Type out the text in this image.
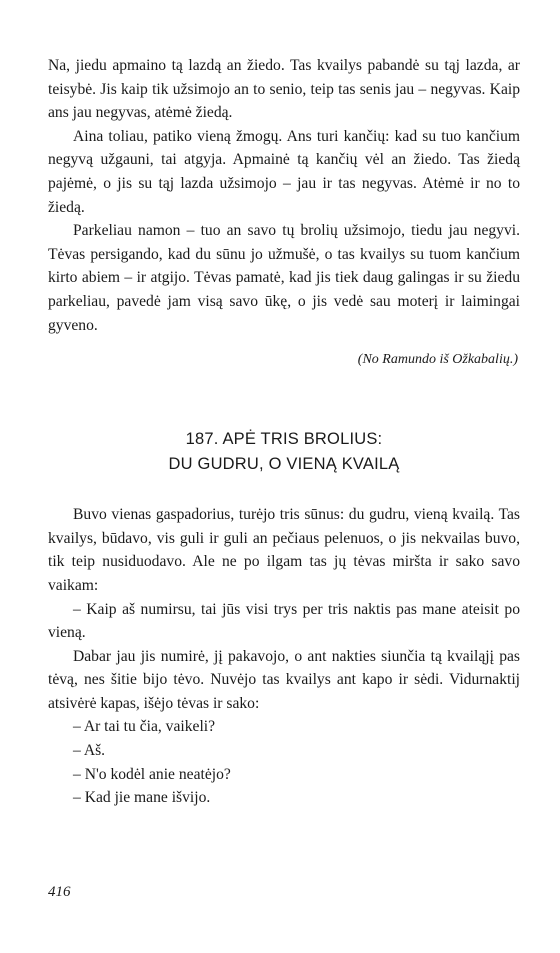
Na, jiedu apmaino tą lazdą an žiedo. Tas kvailys pabandė su tąj lazda, ar teisybė. Jis kaip tik užsimojo an to senio, teip tas senis jau – negyvas. Kaip ans jau negyvas, atėmė žiedą.

Aina toliau, patiko vieną žmogų. Ans turi kančių: kad su tuo kančium negyvą užgauni, tai atgyja. Apmainė tą kančių vėl an žiedo. Tas žiedą pajėmė, o jis su tąj lazda užsimojo – jau ir tas negyvas. Atėmė ir no to žiedą.

Parkeliau namon – tuo an savo tų brolių užsimojo, tiedu jau negyvi. Tėvas persigando, kad du sūnu jo užmušė, o tas kvailys su tuom kančium kirto abiem – ir atgijo. Tėvas pamatė, kad jis tiek daug galingas ir su žiedu parkeliau, pavedė jam visą savo ūkę, o jis vedė sau moterį ir laimingai gyveno.

(No Ramundo iš Ožkabalių.)

187. APĖ TRIS BROLIUS:
DU GUDRU, O VIENĄ KVAILĄ

Buvo vienas gaspadorius, turėjo tris sūnus: du gudru, vieną kvailą. Tas kvailys, būdavo, vis guli ir guli an pečiaus pelenuos, o jis nekvailas buvo, tik teip nusiduodavo. Ale ne po ilgam tas jų tėvas miršta ir sako savo vaikam:

– Kaip aš numirsu, tai jūs visi trys per tris naktis pas mane ateisit po vieną.

Dabar jau jis numirė, jį pakavojo, o ant nakties siunčia tą kvailąjį pas tėvą, nes šitie bijo tėvo. Nuvėjo tas kvailys ant kapo ir sėdi. Vidurnaktij atsivėrė kapas, išėjo tėvas ir sako:

– Ar tai tu čia, vaikeli?

– Aš.

– N'o kodėl anie neatėjo?

– Kad jie mane išvijo.

416
